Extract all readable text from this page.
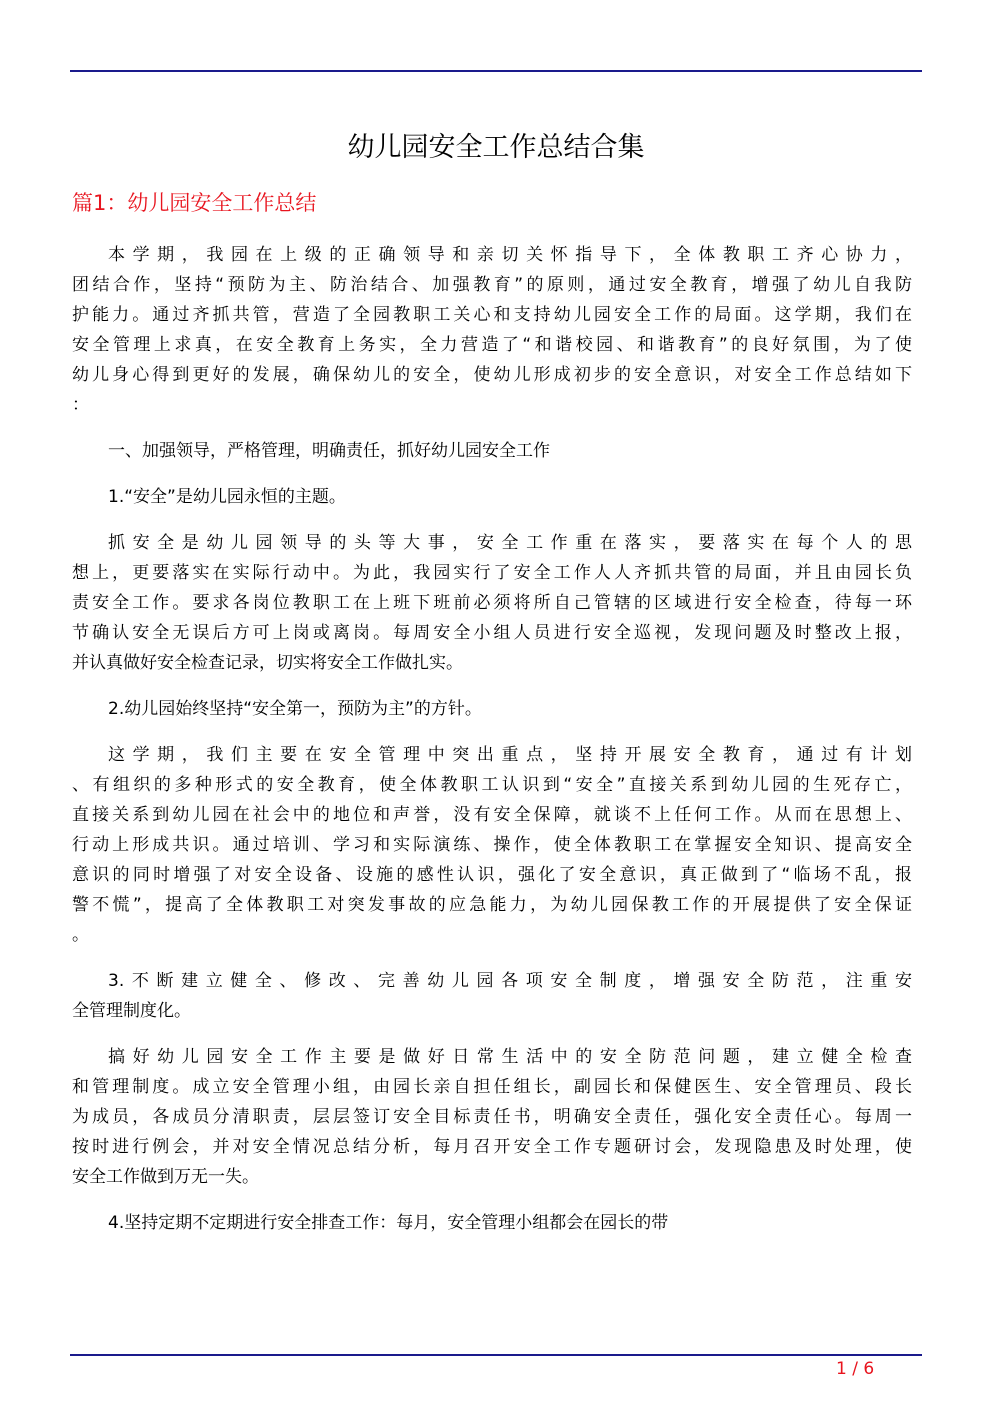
幼儿园安全工作总结合集
篇1：幼儿园安全工作总结
本学期，我园在上级的正确领导和亲切关怀指导下，全体教职工齐心协力，
团结合作，坚持“预防为主、防治结合、加强教育”的原则，通过安全教育，增强了幼儿自我防
护能力。通过齐抓共管，营造了全园教职工关心和支持幼儿园安全工作的局面。这学期，我们在
安全管理上求真，在安全教育上务实，全力营造了“和谐校园、和谐教育”的良好氛围，为了使
幼儿身心得到更好的发展，确保幼儿的安全，使幼儿形成初步的安全意识，对安全工作总结如下
：
一、加强领导，严格管理，明确责任，抓好幼儿园安全工作
1.“安全”是幼儿园永恒的主题。
抓安全是幼儿园领导的头等大事，安全工作重在落实，要落实在每个人的思
想上，更要落实在实际行动中。为此，我园实行了安全工作人人齐抓共管的局面，并且由园长负
责安全工作。要求各岗位教职工在上班下班前必须将所自己管辖的区域进行安全检查，待每一环
节确认安全无误后方可上岗或离岗。每周安全小组人员进行安全巡视，发现问题及时整改上报，
并认真做好安全检查记录，切实将安全工作做扎实。
2.幼儿园始终坚持“安全第一，预防为主”的方针。
这学期，我们主要在安全管理中突出重点，坚持开展安全教育，通过有计划
、有组织的多种形式的安全教育，使全体教职工认识到“安全”直接关系到幼儿园的生死存亡，
直接关系到幼儿园在社会中的地位和声誉，没有安全保障，就谈不上任何工作。从而在思想上、
行动上形成共识。通过培训、学习和实际演练、操作，使全体教职工在掌握安全知识、提高安全
意识的同时增强了对安全设备、设施的感性认识，强化了安全意识，真正做到了“临场不乱，报
警不慌”，提高了全体教职工对突发事故的应急能力，为幼儿园保教工作的开展提供了安全保证
。
3.不断建立健全、修改、完善幼儿园各项安全制度，增强安全防范，注重安
全管理制度化。
搞好幼儿园安全工作主要是做好日常生活中的安全防范问题，建立健全检查
和管理制度。成立安全管理小组，由园长亲自担任组长，副园长和保健医生、安全管理员、段长
为成员，各成员分清职责，层层签订安全目标责任书，明确安全责任，强化安全责任心。每周一
按时进行例会，并对安全情况总结分析，每月召开安全工作专题研讨会，发现隐患及时处理，使
安全工作做到万无一失。
4.坚持定期不定期进行安全排查工作：每月，安全管理小组都会在园长的带
1 / 6
